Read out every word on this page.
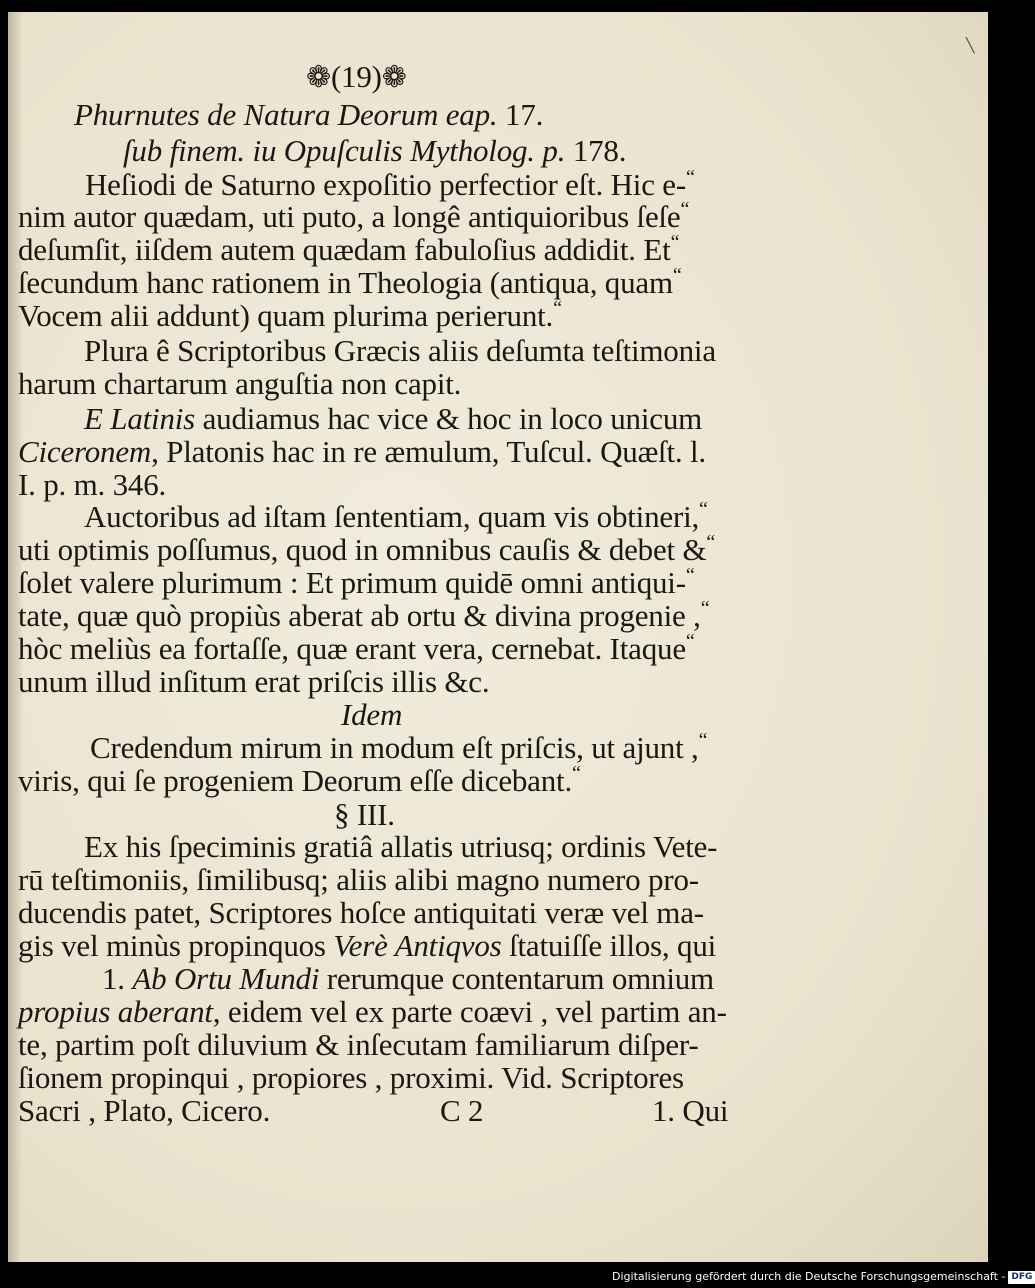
╲
❁(19)❁
Phurnutes de Natura Deorum eap. 17.
ſub finem. iu Opuſculis Mytholog. p. 178.
Heſiodi de Saturno expoſitio perfectior eſt. Hic e-“
nim autor quædam, uti puto, a longê antiquioribus ſeſe“
deſumſit, iiſdem autem quædam fabuloſius addidit. Et“
ſecundum hanc rationem in Theologia (antiqua, quam“
Vocem alii addunt) quam plurima perierunt.“
Plura ê Scriptoribus Græcis aliis deſumta teſtimonia
harum chartarum anguſtia non capit.
E Latinis audiamus hac vice & hoc in loco unicum
Ciceronem, Platonis hac in re æmulum, Tuſcul. Quæſt. l.
I. p. m. 346.
Auctoribus ad iſtam ſententiam, quam vis obtineri,“
uti optimis poſſumus, quod in omnibus cauſis & debet &“
ſolet valere plurimum : Et primum quidē omni antiqui-“
tate, quæ quò propiùs aberat ab ortu & divina progenie ,“
hòc meliùs ea fortaſſe, quæ erant vera, cernebat. Itaque“
unum illud inſitum erat priſcis illis &c.
Idem
Credendum mirum in modum eſt priſcis, ut ajunt ,“
viris, qui ſe progeniem Deorum eſſe dicebant.“
§ III.
Ex his ſpeciminis gratiâ allatis utriusq; ordinis Vete-
rū teſtimoniis, ſimilibusq; aliis alibi magno numero pro-
ducendis patet, Scriptores hoſce antiquitati veræ vel ma-
gis vel minùs propinquos Verè Antiqvos ſtatuiſſe illos, qui
1. Ab Ortu Mundi rerumque contentarum omnium
propius aberant, eidem vel ex parte coævi , vel partim an-
te, partim poſt diluvium & inſecutam familiarum diſper-
ſionem propinqui , propiores , proximi. Vid. Scriptores
Sacri , Plato, Cicero.	C 2	1. Qui
Digitalisierung gefördert durch die Deutsche Forschungsgemeinschaft - DFG
